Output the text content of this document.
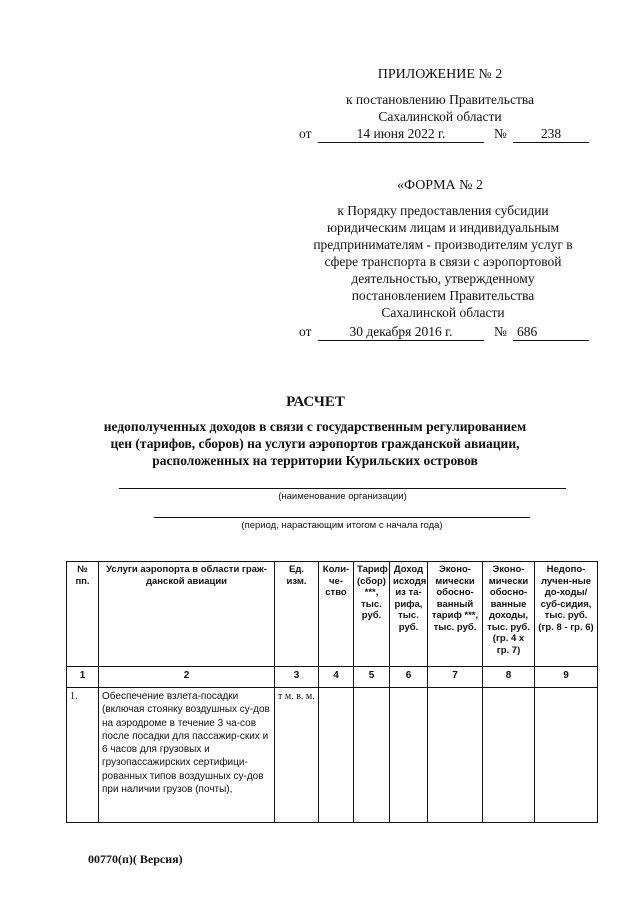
ПРИЛОЖЕНИЕ № 2
к постановлению Правительства
Сахалинской области
от	14 июня 2022 г.	№	238
«ФОРМА № 2
к Порядку предоставления субсидии
юридическим лицам и индивидуальным
предпринимателям - производителям услуг в
сфере транспорта в связи с аэропортовой
деятельностью, утвержденному
постановлением Правительства
Сахалинской области
от	30 декабря 2016 г.	№ 686
РАСЧЕТ
недополученных доходов в связи с государственным регулированием
цен (тарифов, сборов) на услуги аэропортов гражданской авиации,
расположенных на территории Курильских островов
(наименование организации)
(период, нарастающим итогом с начала года)
№ пп.	Услуги аэропорта в области граж-данской авиации	Ед. изм.	Коли-че-ство	Тариф (сбор) ***, тыс. руб.	Доход исходя из та-рифа, тыс. руб.	Эконо-мически обосно-ванный тариф ***, тыс. руб.	Эконо-мически обосно-ванные доходы, тыс. руб. (гр. 4 х гр. 7)	Недопо-лучен-ные до-ходы/суб-сидия, тыс. руб. (гр. 8 - гр. 6)
1	2	3	4	5	6	7	8	9
1.	Обеспечение взлета-посадки (включая стоянку воздушных су-дов на аэродроме в течение 3 ча-сов после посадки для пассажир-ских и 6 часов для грузовых и грузопассажирских сертифици-рованных типов воздушных су-дов при наличии грузов (почты),	т м. в. м.						
00770(п)( Версия)
